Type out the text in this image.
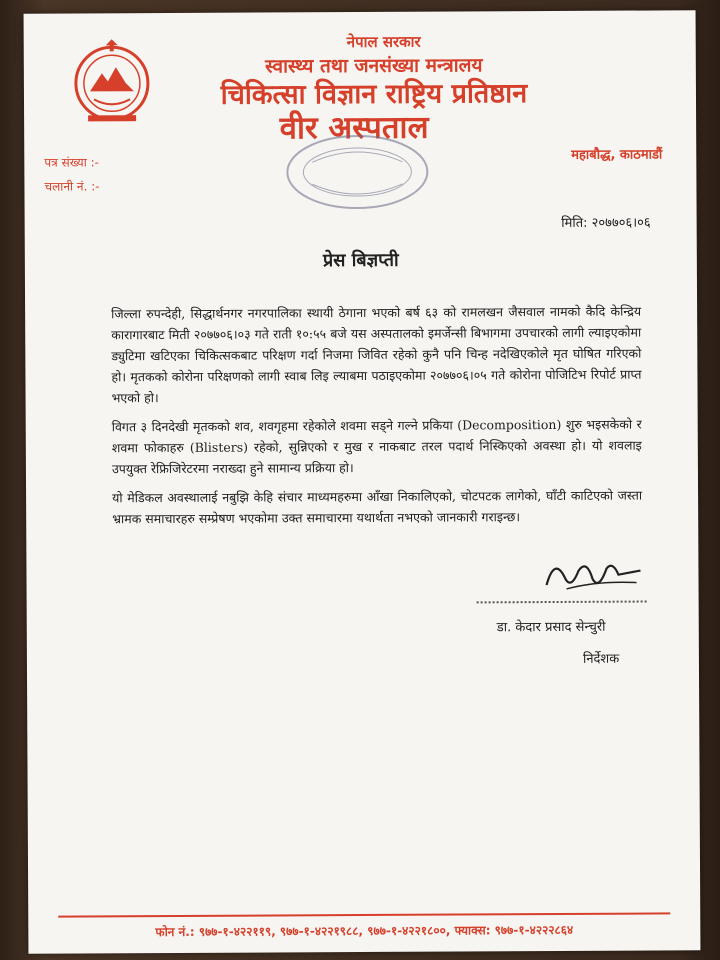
नेपाल सरकार

स्वास्थ्य तथा जनसंख्या मन्त्रालय

चिकित्सा विज्ञान राष्ट्रिय प्रतिष्ठान

वीर अस्पताल

पत्र संख्या :-
चलानी नं. :-
महाबौद्ध, काठमाडौं
मिति: २०७७०६।०६
प्रेस बिज्ञप्ती

जिल्ला रुपन्देही, सिद्धार्थनगर नगरपालिका स्थायी ठेगाना भएको बर्ष ६३ को रामलखन जैसवाल नामको कैदि केन्द्रिय कारागारबाट मिती २०७७०६।०३ गते राती १०:५५ बजे यस अस्पतालको इमर्जेन्सी बिभागमा उपचारको लागी ल्याइएकोमा ड्युटिमा खटिएका चिकित्सकबाट परिक्षण गर्दा निजमा जिवित रहेको कुनै पनि चिन्ह नदेखिएकोले मृत घोषित गरिएको हो। मृतकको कोरोना परिक्षणको लागी स्वाब लिइ ल्याबमा पठाइएकोमा २०७७०६।०५ गते कोरोना पोजिटिभ रिपोर्ट प्राप्त भएको हो।

विगत ३ दिनदेखी मृतकको शव, शवगृहमा रहेकोले शवमा सड्ने गल्ने प्रकिया (Decomposition) शुरु भइसकेको र शवमा फोकाहरु (Blisters) रहेको, सुन्निएको र मुख र नाकबाट तरल पदार्थ निस्किएको अवस्था हो। यो शवलाइ उपयुक्त रेफ्रिजिरेटरमा नराख्दा हुने सामान्य प्रक्रिया हो।

यो मेडिकल अवस्थालाई नबुझि केहि संचार माध्यमहरुमा आँखा निकालिएको, चोटपटक लागेको, घाँटी काटिएको जस्ता भ्रामक समाचारहरु सम्प्रेषण भएकोमा उक्त समाचारमा यथार्थता नभएको जानकारी गराइन्छ।

डा. केदार प्रसाद सेन्चुरी
निर्देशक
फोन नं.: ९७७-१-४२२११९, ९७७-१-४२२१९८८, ९७७-१-४२२१८००, फ्याक्स: ९७७-१-४२२२८६४
